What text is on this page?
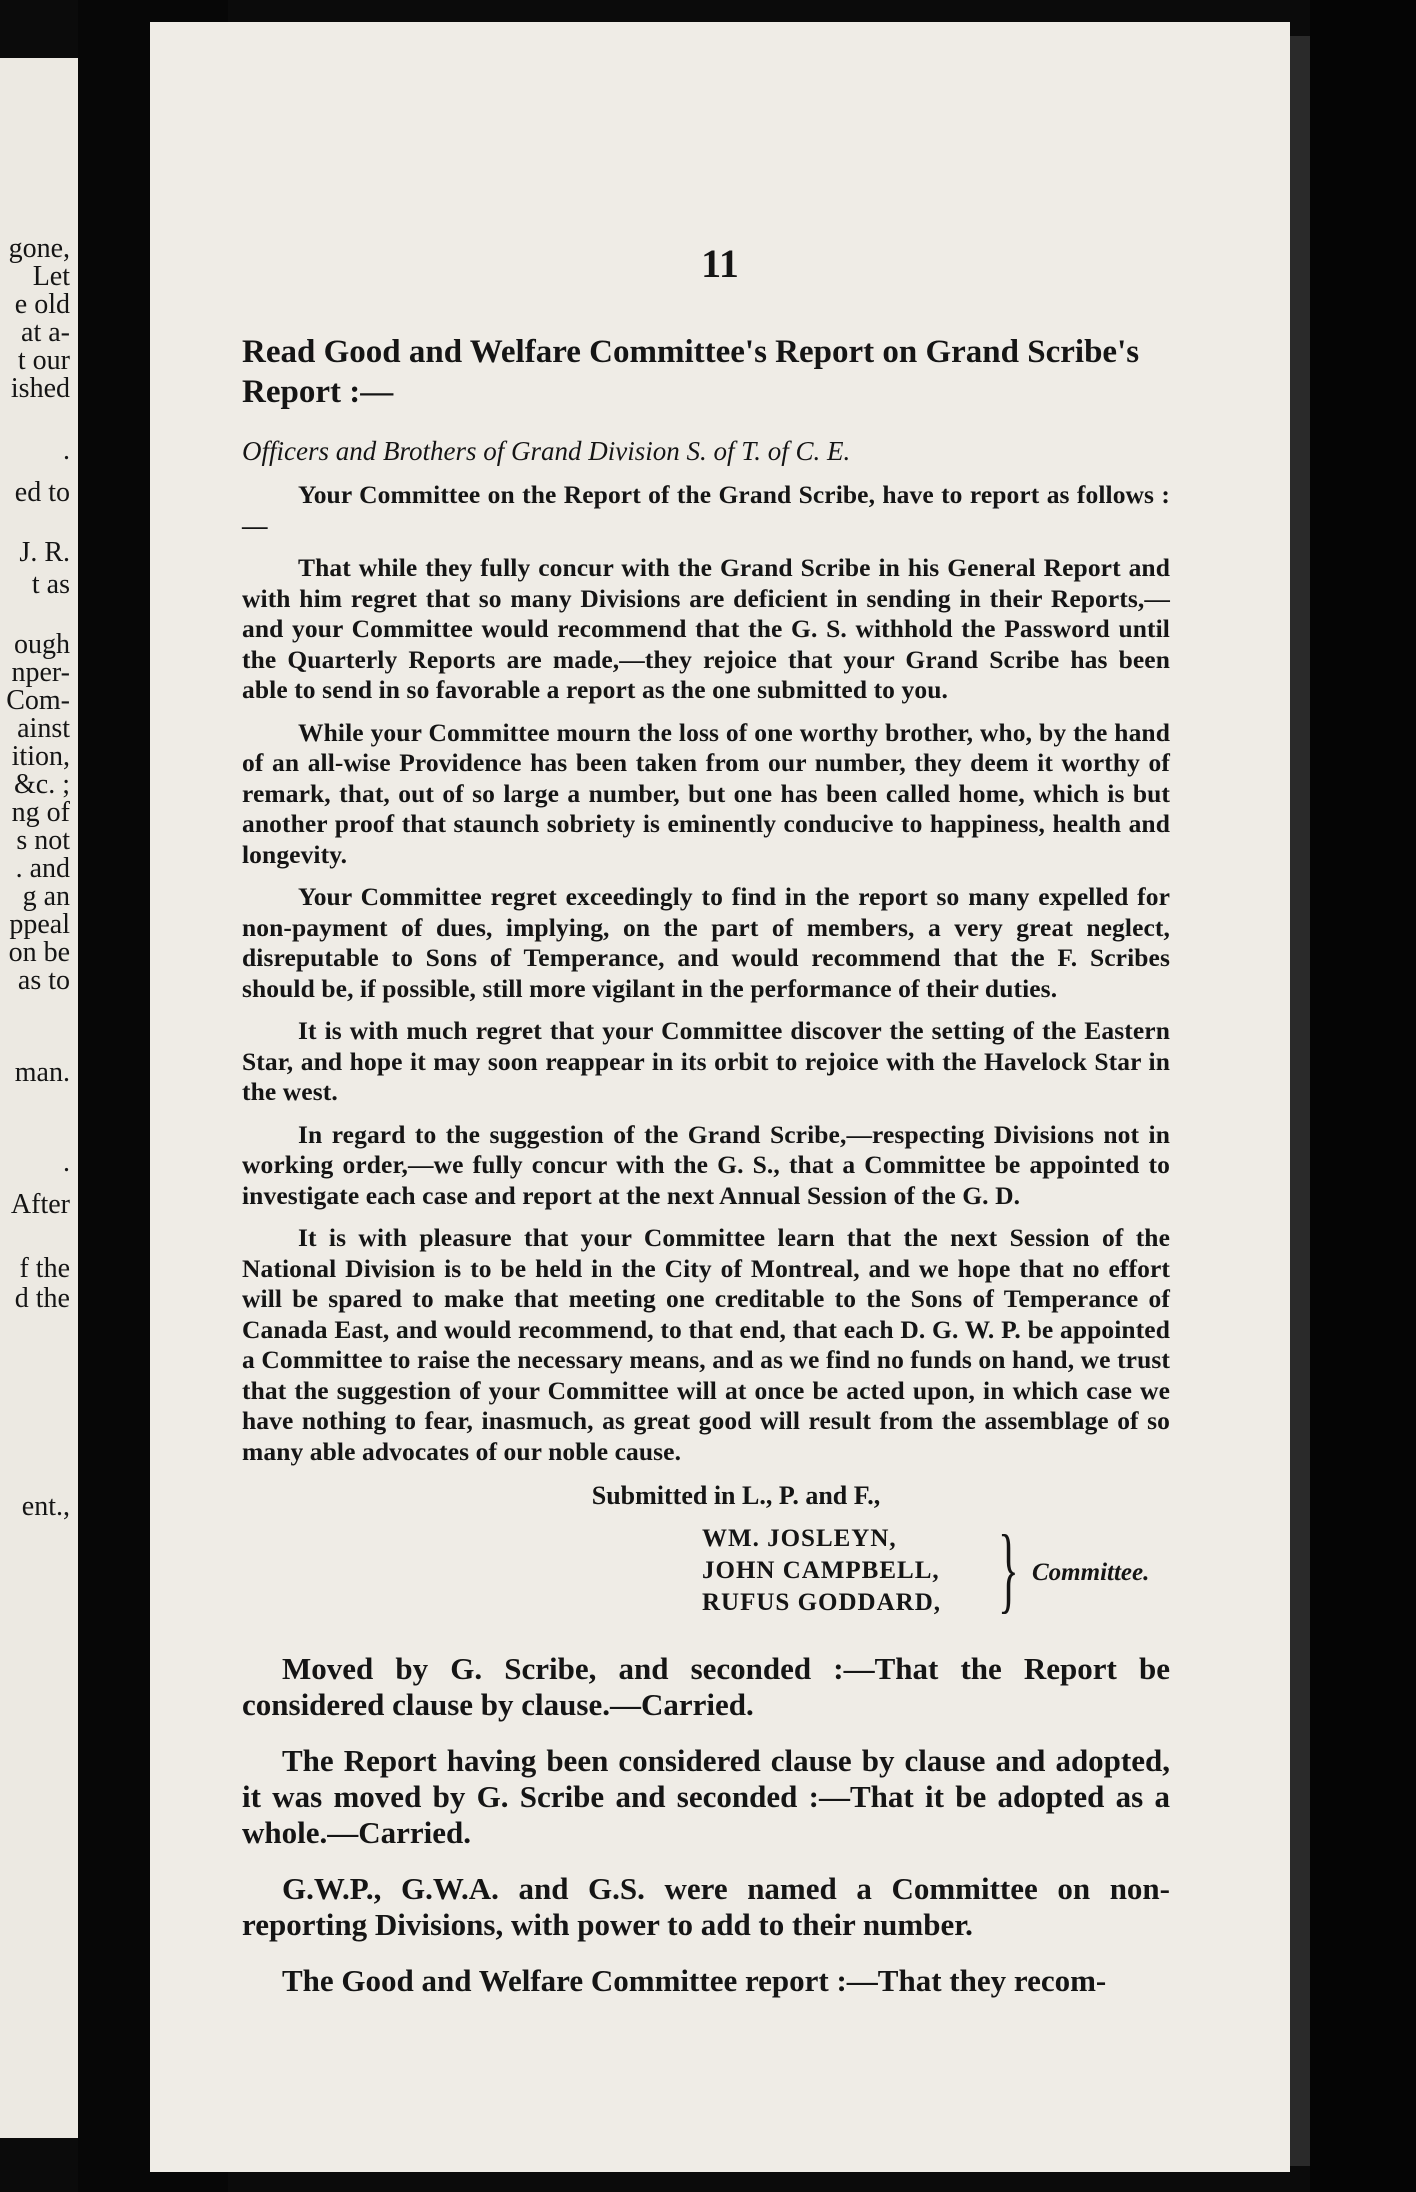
gone,
Let
e old
at a-
t our
ished
.
ed to
J. R.
t as
ough
nper-
Com-
ainst
ition,
&c. ;
ng of
s not
. and
g an
ppeal
on be
as to
man.
.
After
f the
d the
ent.,
11

Read Good and Welfare Committee's Report on Grand Scribe's Report :—

Officers and Brothers of Grand Division S. of T. of C. E.

Your Committee on the Report of the Grand Scribe, have to report as follows :—

That while they fully concur with the Grand Scribe in his General Report and with him regret that so many Divisions are deficient in sending in their Reports,—and your Committee would recommend that the G. S. withhold the Password until the Quarterly Reports are made,—they rejoice that your Grand Scribe has been able to send in so favorable a report as the one submitted to you.

While your Committee mourn the loss of one worthy brother, who, by the hand of an all-wise Providence has been taken from our number, they deem it worthy of remark, that, out of so large a number, but one has been called home, which is but another proof that staunch sobriety is eminently conducive to happiness, health and longevity.

Your Committee regret exceedingly to find in the report so many expelled for non-payment of dues, implying, on the part of members, a very great neglect, disreputable to Sons of Temperance, and would recommend that the F. Scribes should be, if possible, still more vigilant in the performance of their duties.

It is with much regret that your Committee discover the setting of the Eastern Star, and hope it may soon reappear in its orbit to rejoice with the Havelock Star in the west.

In regard to the suggestion of the Grand Scribe,—respecting Divisions not in working order,—we fully concur with the G. S., that a Committee be appointed to investigate each case and report at the next Annual Session of the G. D.

It is with pleasure that your Committee learn that the next Session of the National Division is to be held in the City of Montreal, and we hope that no effort will be spared to make that meeting one creditable to the Sons of Temperance of Canada East, and would recommend, to that end, that each D. G. W. P. be appointed a Committee to raise the necessary means, and as we find no funds on hand, we trust that the suggestion of your Committee will at once be acted upon, in which case we have nothing to fear, inasmuch, as great good will result from the assemblage of so many able advocates of our noble cause.

Submitted in L., P. and F.,

WM. JOSLEYN,
JOHN CAMPBELL,
RUFUS GODDARD, } Committee.

Moved by G. Scribe, and seconded :—That the Report be considered clause by clause.—Carried.

The Report having been considered clause by clause and adopted, it was moved by G. Scribe and seconded :—That it be adopted as a whole.—Carried.

G.W.P., G.W.A. and G.S. were named a Committee on non-reporting Divisions, with power to add to their number.

The Good and Welfare Committee report :—That they recom-
